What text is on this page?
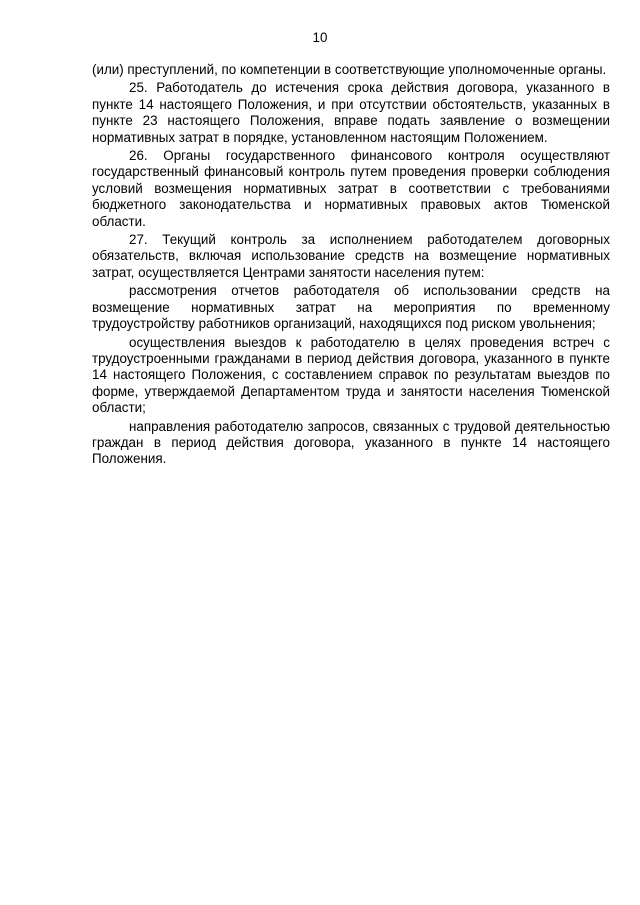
10

(или) преступлений, по компетенции в соответствующие уполномоченные органы.

25. Работодатель до истечения срока действия договора, указанного в пункте 14 настоящего Положения, и при отсутствии обстоятельств, указанных в пункте 23 настоящего Положения, вправе подать заявление о возмещении нормативных затрат в порядке, установленном настоящим Положением.

26. Органы государственного финансового контроля осуществляют государственный финансовый контроль путем проведения проверки соблюдения условий возмещения нормативных затрат в соответствии с требованиями бюджетного законодательства и нормативных правовых актов Тюменской области.

27. Текущий контроль за исполнением работодателем договорных обязательств, включая использование средств на возмещение нормативных затрат, осуществляется Центрами занятости населения путем:

рассмотрения отчетов работодателя об использовании средств на возмещение нормативных затрат на мероприятия по временному трудоустройству работников организаций, находящихся под риском увольнения;

осуществления выездов к работодателю в целях проведения встреч с трудоустроенными гражданами в период действия договора, указанного в пункте 14 настоящего Положения, с составлением справок по результатам выездов по форме, утверждаемой Департаментом труда и занятости населения Тюменской области;

направления работодателю запросов, связанных с трудовой деятельностью граждан в период действия договора, указанного в пункте 14 настоящего Положения.
